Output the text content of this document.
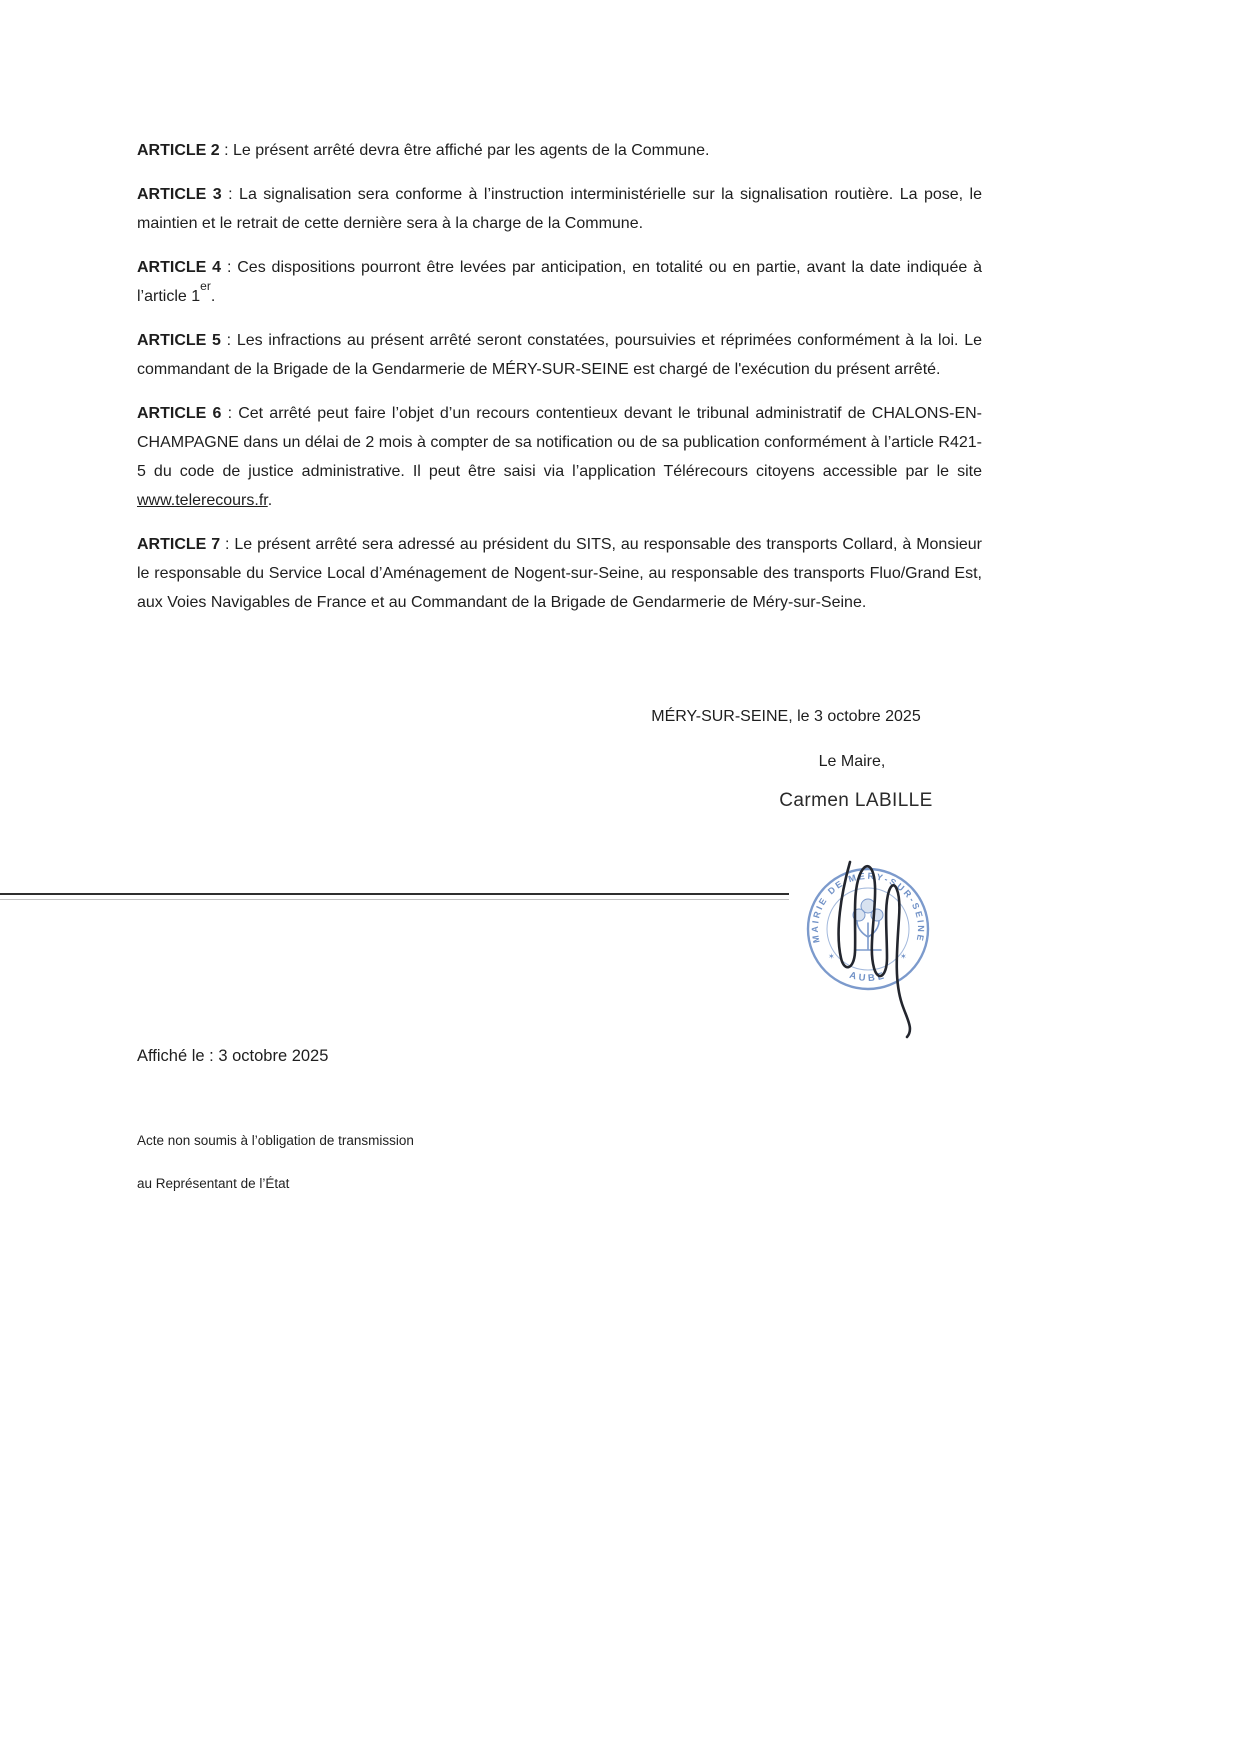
ARTICLE 2 : Le présent arrêté devra être affiché par les agents de la Commune.

ARTICLE 3 : La signalisation sera conforme à l’instruction interministérielle sur la signalisation routière. La pose, le maintien et le retrait de cette dernière sera à la charge de la Commune.

ARTICLE 4 : Ces dispositions pourront être levées par anticipation, en totalité ou en partie, avant la date indiquée à l’article 1er.

ARTICLE 5 : Les infractions au présent arrêté seront constatées, poursuivies et réprimées conformément à la loi. Le commandant de la Brigade de la Gendarmerie de MÉRY-SUR-SEINE est chargé de l'exécution du présent arrêté.

ARTICLE 6 : Cet arrêté peut faire l’objet d’un recours contentieux devant le tribunal administratif de CHALONS-EN-CHAMPAGNE dans un délai de 2 mois à compter de sa notification ou de sa publication conformément à l’article R421-5 du code de justice administrative. Il peut être saisi via l’application Télérecours citoyens accessible par le site www.telerecours.fr.

ARTICLE 7 : Le présent arrêté sera adressé au président du SITS, au responsable des transports Collard, à Monsieur le responsable du Service Local d’Aménagement de Nogent-sur-Seine, au responsable des transports Fluo/Grand Est, aux Voies Navigables de France et au Commandant de la Brigade de Gendarmerie de Méry-sur-Seine.

MÉRY-SUR-SEINE, le 3 octobre 2025
Le Maire,
Carmen LABILLE
MAIRIE DE MÉRY-SUR-SEINE
AUBE
✶	✶
Affiché le : 3 octobre 2025
Acte non soumis à l’obligation de transmission
au Représentant de l’État
